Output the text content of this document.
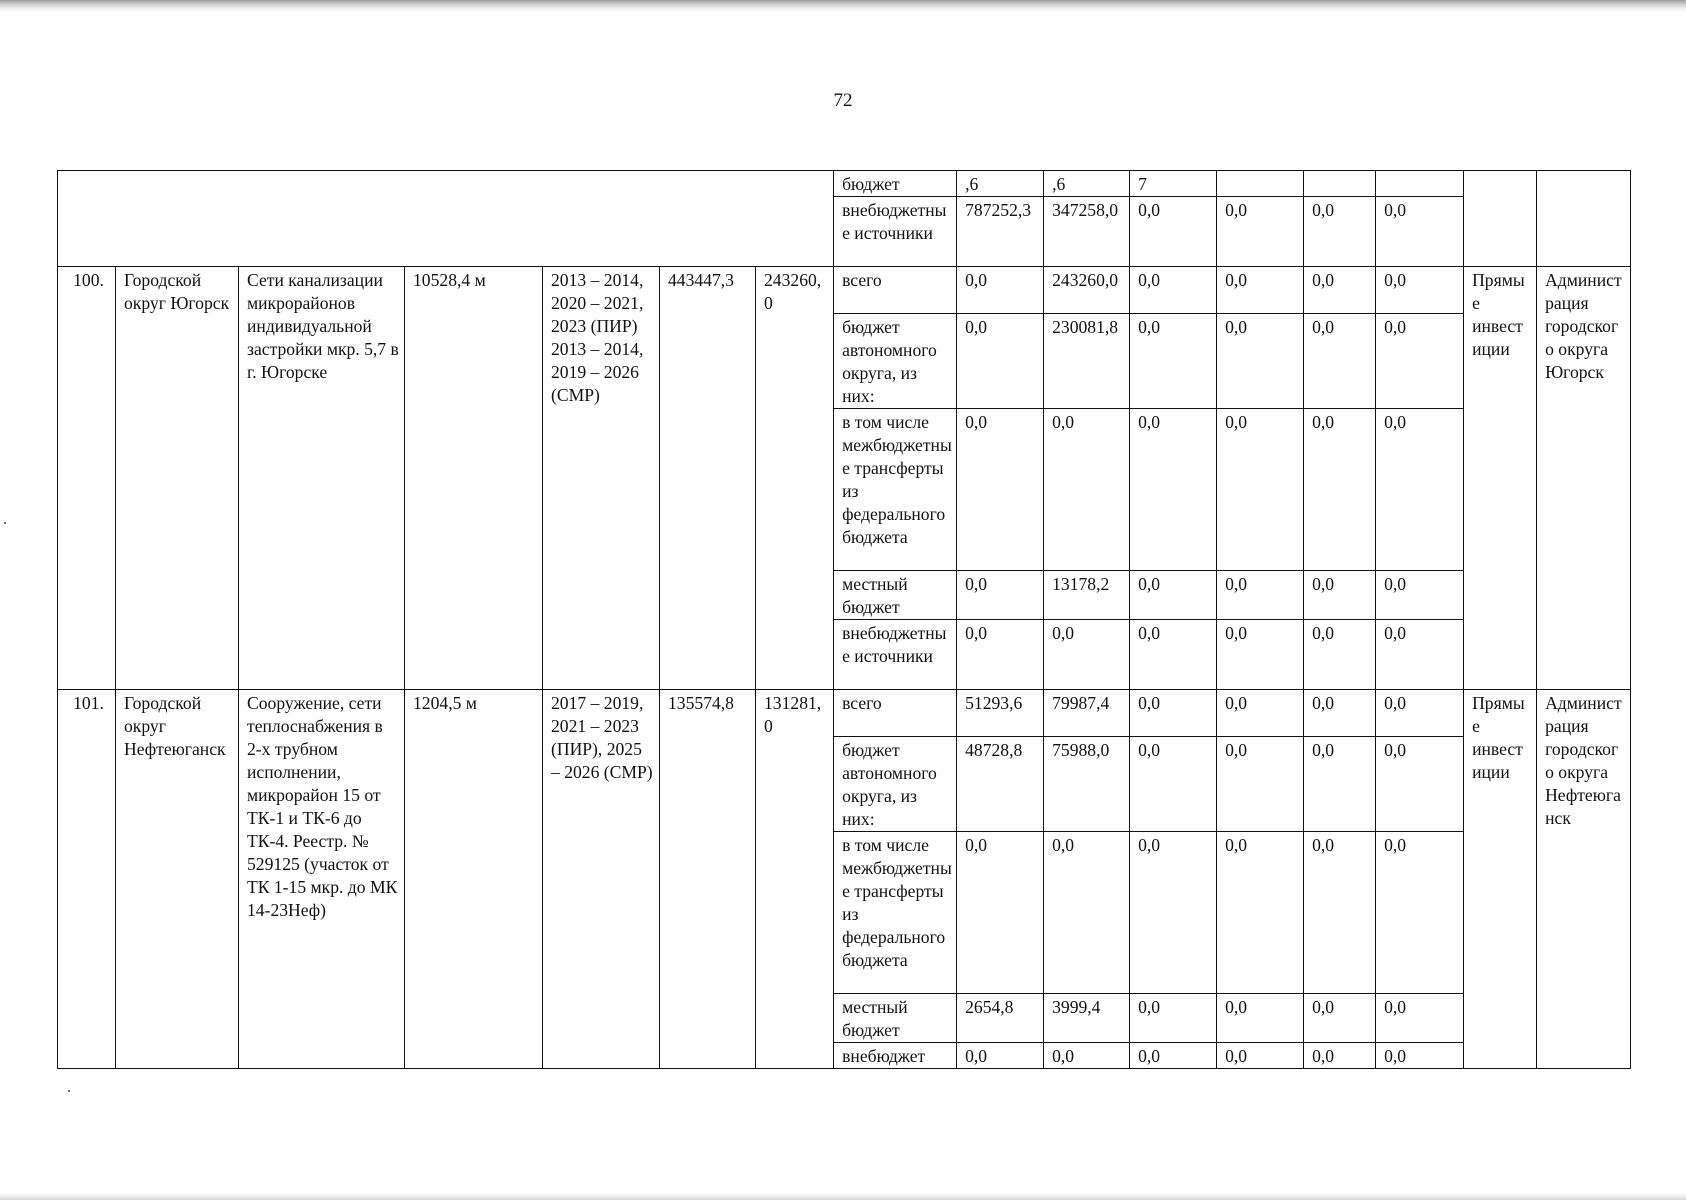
72
							бюджет	,6	,6	7					
							внебюджетные источники	787252,3	347258,0	0,0	0,0	0,0	0,0		
100.	Городской округ Югорск	Сети канализации микрорайонов индивидуальной застройки мкр. 5,7 в г. Югорске	10528,4 м	2013 – 2014, 2020 – 2021, 2023 (ПИР) 2013 – 2014, 2019 – 2026 (СМР)	443447,3	243260,0	всего	0,0	243260,0	0,0	0,0	0,0	0,0	Прямые инвестиции	Администрация городского округа Югорск
							бюджет автономного округа, из них:	0,0	230081,8	0,0	0,0	0,0	0,0		
							в том числе межбюджетные трансферты из федерального бюджета	0,0	0,0	0,0	0,0	0,0	0,0		
							местный бюджет	0,0	13178,2	0,0	0,0	0,0	0,0		
							внебюджетные источники	0,0	0,0	0,0	0,0	0,0	0,0		
101.	Городской округ Нефтеюганск	Сооружение, сети теплоснабжения в 2-х трубном исполнении, микрорайон 15 от ТК-1 и ТК-6 до ТК-4. Реестр. № 529125 (участок от ТК 1-15 мкр. до МК 14-23Неф)	1204,5 м	2017 – 2019, 2021 – 2023 (ПИР), 2025 – 2026 (СМР)	135574,8	131281,0	всего	51293,6	79987,4	0,0	0,0	0,0	0,0	Прямые инвестиции	Администрация городского округа Нефтеюганск
							бюджет автономного округа, из них:	48728,8	75988,0	0,0	0,0	0,0	0,0		
							в том числе межбюджетные трансферты из федерального бюджета	0,0	0,0	0,0	0,0	0,0	0,0		
							местный бюджет	2654,8	3999,4	0,0	0,0	0,0	0,0		
							внебюджет	0,0	0,0	0,0	0,0	0,0	0,0		
